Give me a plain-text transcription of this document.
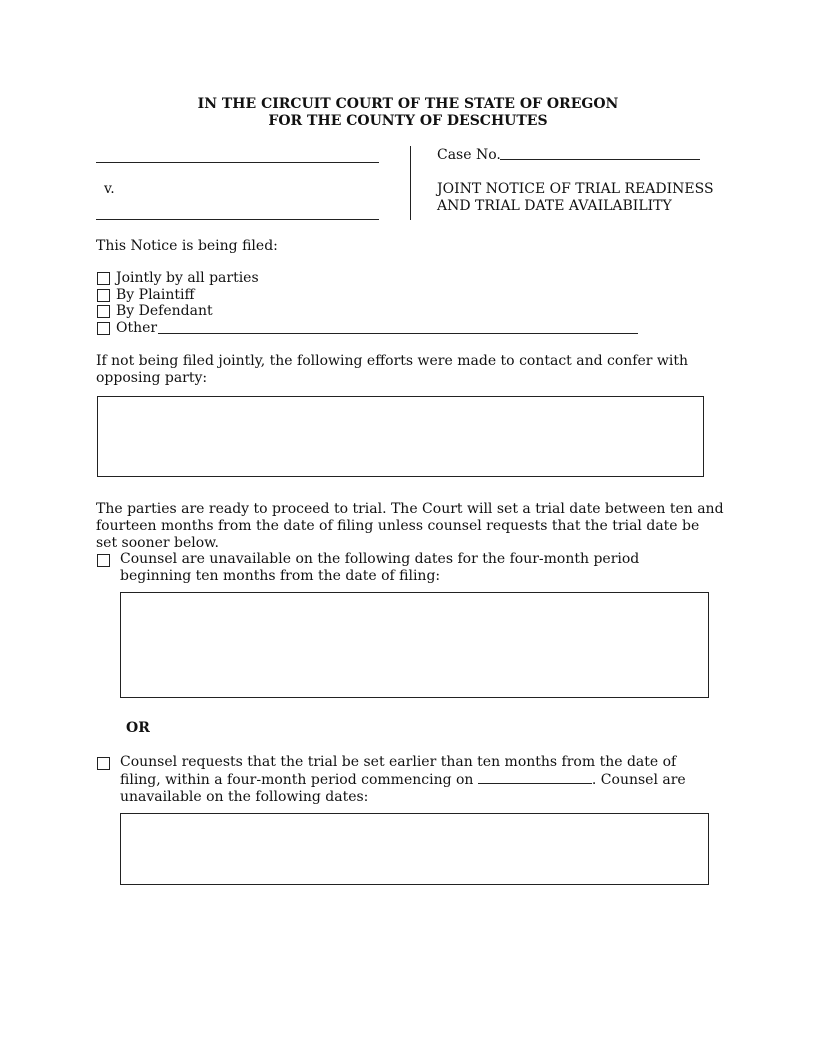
IN THE CIRCUIT COURT OF THE STATE OF OREGON
FOR THE COUNTY OF DESCHUTES
v.
Case No.
JOINT NOTICE OF TRIAL READINESS
AND TRIAL DATE AVAILABILITY
This Notice is being filed:
Jointly by all parties
By Plaintiff
By Defendant
Other
If not being filed jointly, the following efforts were made to contact and confer with opposing party:
The parties are ready to proceed to trial. The Court will set a trial date between ten and fourteen months from the date of filing unless counsel requests that the trial date be set sooner below.
Counsel are unavailable on the following dates for the four-month period beginning ten months from the date of filing:
OR
Counsel requests that the trial be set earlier than ten months from the date of filing, within a four-month period commencing on	. Counsel are unavailable on the following dates:
